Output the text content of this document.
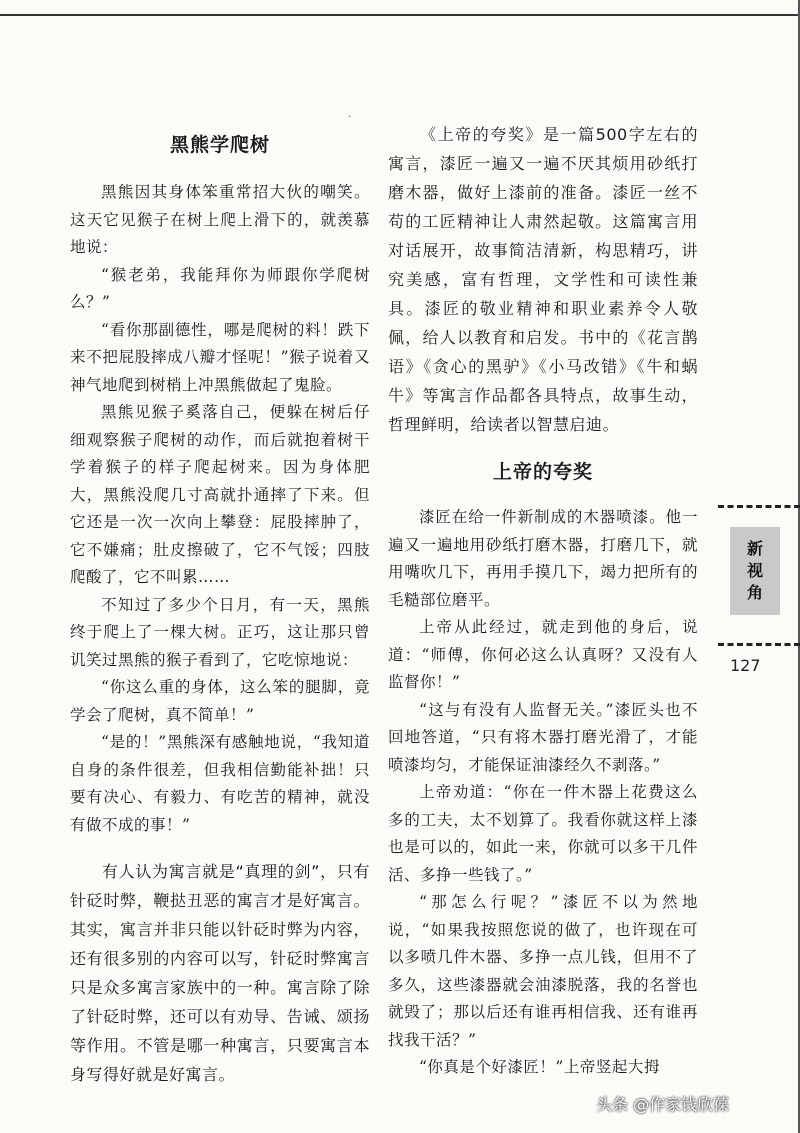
·
黑熊学爬树

黑熊因其身体笨重常招大伙的嘲笑。这天它见猴子在树上爬上滑下的，就羡慕地说：

“猴老弟，我能拜你为师跟你学爬树么？”

“看你那副德性，哪是爬树的料！跌下来不把屁股摔成八瓣才怪呢！”猴子说着又神气地爬到树梢上冲黑熊做起了鬼脸。

黑熊见猴子奚落自己，便躲在树后仔细观察猴子爬树的动作，而后就抱着树干学着猴子的样子爬起树来。因为身体肥大，黑熊没爬几寸高就扑通摔了下来。但它还是一次一次向上攀登：屁股摔肿了，它不嫌痛；肚皮擦破了，它不气馁；四肢爬酸了，它不叫累……

不知过了多少个日月，有一天，黑熊终于爬上了一棵大树。正巧，这让那只曾讥笑过黑熊的猴子看到了，它吃惊地说：

“你这么重的身体，这么笨的腿脚，竟学会了爬树，真不简单！”

“是的！”黑熊深有感触地说，“我知道自身的条件很差，但我相信勤能补拙！只要有决心、有毅力、有吃苦的精神，就没有做不成的事！”

有人认为寓言就是“真理的剑”，只有针砭时弊，鞭挞丑恶的寓言才是好寓言。其实，寓言并非只能以针砭时弊为内容，还有很多别的内容可以写，针砭时弊寓言只是众多寓言家族中的一种。寓言除了除了针砭时弊，还可以有劝导、告诫、颂扬等作用。不管是哪一种寓言，只要寓言本身写得好就是好寓言。

《上帝的夸奖》是一篇500字左右的寓言，漆匠一遍又一遍不厌其烦用砂纸打磨木器，做好上漆前的准备。漆匠一丝不苟的工匠精神让人肃然起敬。这篇寓言用对话展开，故事简洁清新，构思精巧，讲究美感，富有哲理，文学性和可读性兼具。漆匠的敬业精神和职业素养令人敬佩，给人以教育和启发。书中的《花言鹊语》《贪心的黑驴》《小马改错》《牛和蜗牛》等寓言作品都各具特点，故事生动，哲理鲜明，给读者以智慧启迪。

上帝的夸奖

漆匠在给一件新制成的木器喷漆。他一遍又一遍地用砂纸打磨木器，打磨几下，就用嘴吹几下，再用手摸几下，竭力把所有的毛糙部位磨平。

上帝从此经过，就走到他的身后，说道：“师傅，你何必这么认真呀？又没有人监督你！”

“这与有没有人监督无关。”漆匠头也不回地答道，“只有将木器打磨光滑了，才能喷漆均匀，才能保证油漆经久不剥落。”

上帝劝道：“你在一件木器上花费这么多的工夫，太不划算了。我看你就这样上漆也是可以的，如此一来，你就可以多干几件活、多挣一些钱了。”

“那怎么行呢？”漆匠不以为然地说，“如果我按照您说的做了，也许现在可以多喷几件木器、多挣一点儿钱，但用不了多久，这些漆器就会油漆脱落，我的名誉也就毁了；那以后还有谁再相信我、还有谁再找我干活？”

“你真是个好漆匠！”上帝竖起大拇

新
视
角
127
头条 @作家钱欣葆
